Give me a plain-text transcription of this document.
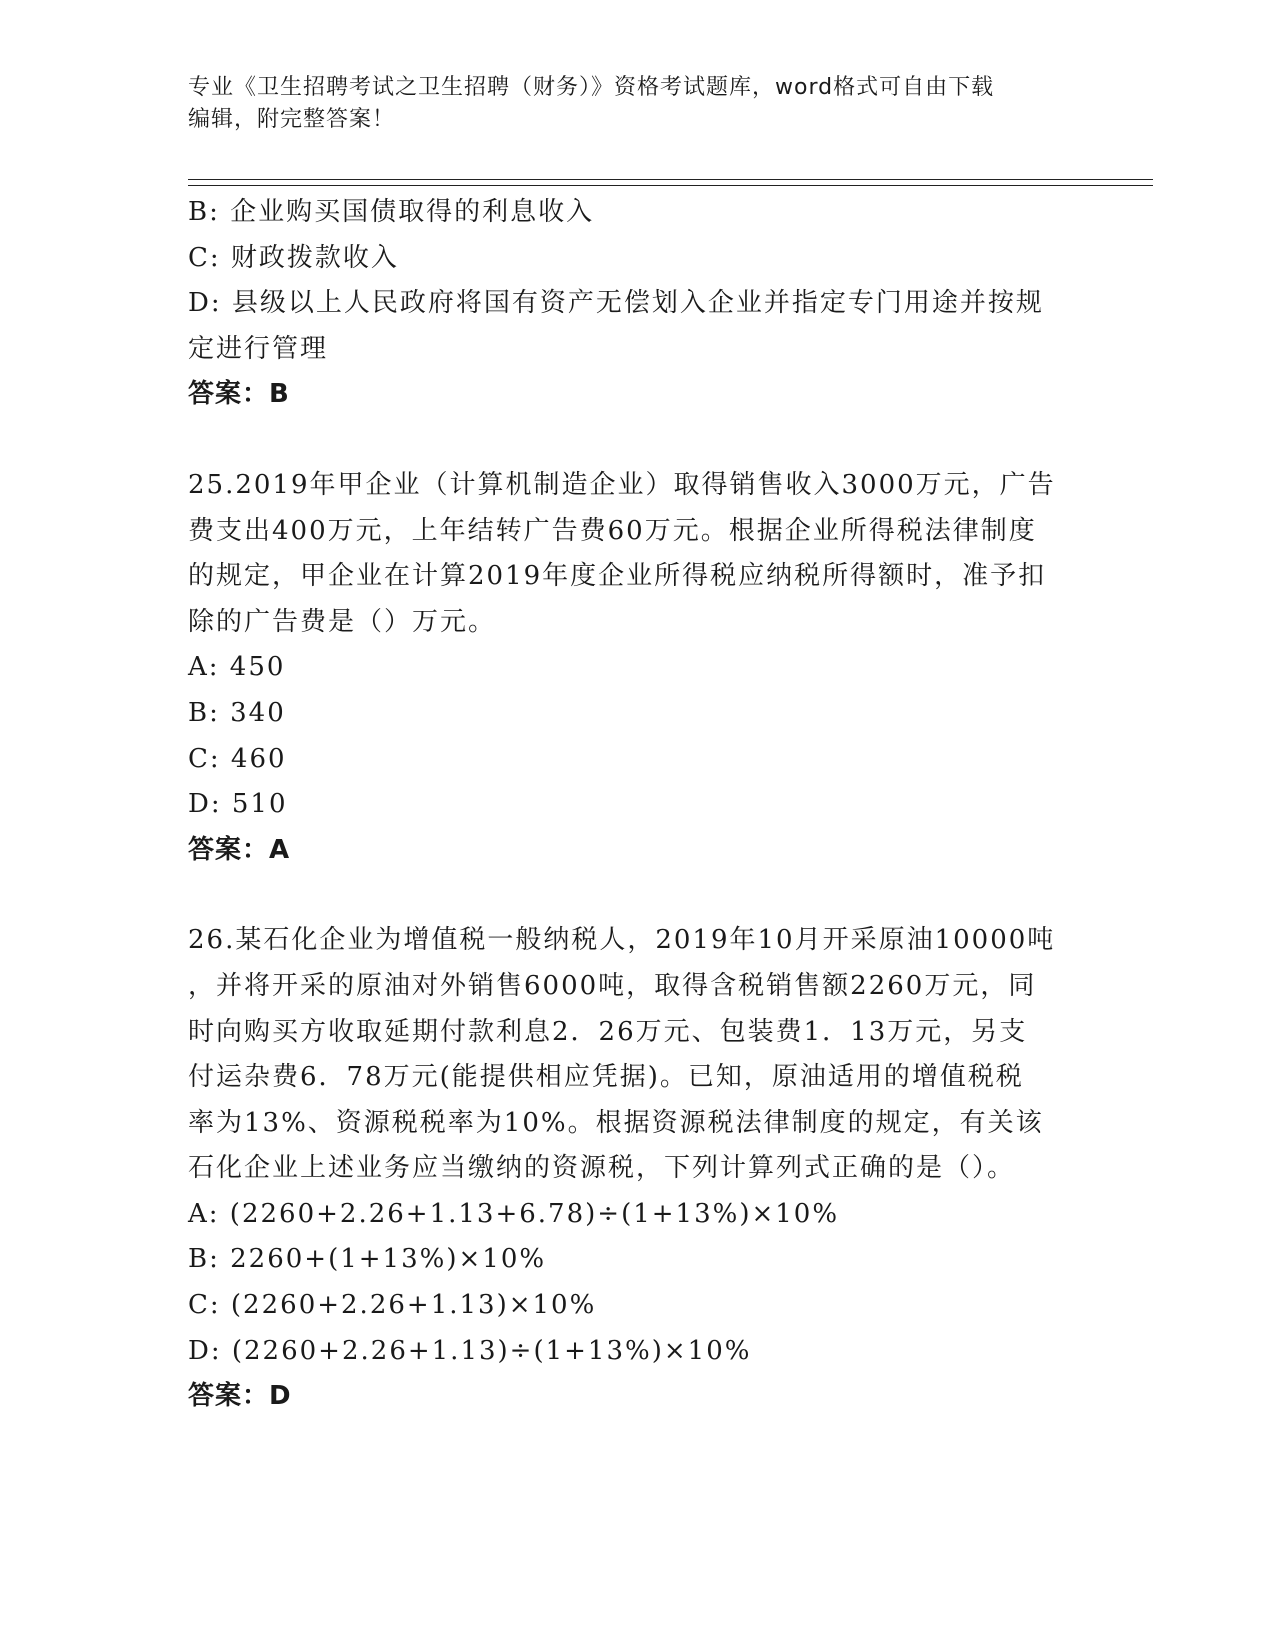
专业《卫生招聘考试之卫生招聘（财务）》资格考试题库，word格式可自由下载
编辑，附完整答案！
B: 企业购买国债取得的利息收入
C: 财政拨款收入
D: 县级以上人民政府将国有资产无偿划入企业并指定专门用途并按规
定进行管理
答案：B
25.2019年甲企业（计算机制造企业）取得销售收入3000万元，广告
费支出400万元，上年结转广告费60万元。根据企业所得税法律制度
的规定，甲企业在计算2019年度企业所得税应纳税所得额时，准予扣
除的广告费是（）万元。
A: 450
B: 340
C: 460
D: 510
答案：A
26.某石化企业为增值税一般纳税人，2019年10月开采原油10000吨
，并将开采的原油对外销售6000吨，取得含税销售额2260万元，同
时向购买方收取延期付款利息2．26万元、包装费1．13万元，另支
付运杂费6．78万元(能提供相应凭据)。已知，原油适用的增值税税
率为13%、资源税税率为10%。根据资源税法律制度的规定，有关该
石化企业上述业务应当缴纳的资源税，下列计算列式正确的是（）。
A: (2260+2.26+1.13+6.78)÷(1+13%)×10%
B: 2260+(1+13%)×10%
C: (2260+2.26+1.13)×10%
D: (2260+2.26+1.13)÷(1+13%)×10%
答案：D
